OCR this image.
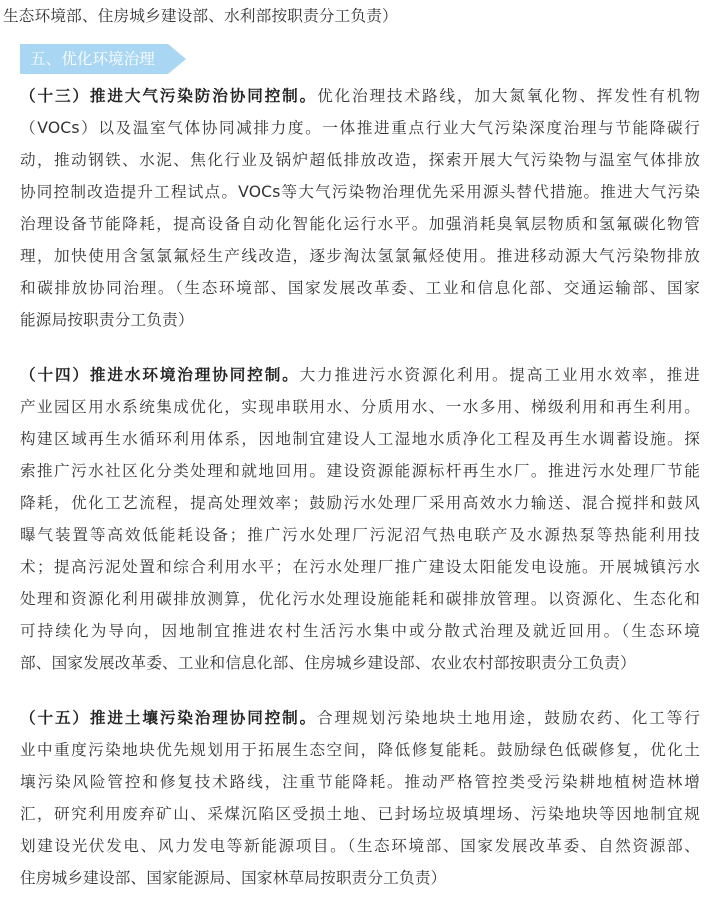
生态环境部、住房城乡建设部、水利部按职责分工负责）

五、优化环境治理

（十三）推进大气污染防治协同控制。优化治理技术路线，加大氮氧化物、挥发性有机物

（VOCs）以及温室气体协同减排力度。一体推进重点行业大气污染深度治理与节能降碳行

动，推动钢铁、水泥、焦化行业及锅炉超低排放改造，探索开展大气污染物与温室气体排放

协同控制改造提升工程试点。VOCs等大气污染物治理优先采用源头替代措施。推进大气污染

治理设备节能降耗，提高设备自动化智能化运行水平。加强消耗臭氧层物质和氢氟碳化物管

理，加快使用含氢氯氟烃生产线改造，逐步淘汰氢氯氟烃使用。推进移动源大气污染物排放

和碳排放协同治理。（生态环境部、国家发展改革委、工业和信息化部、交通运输部、国家

能源局按职责分工负责）

（十四）推进水环境治理协同控制。大力推进污水资源化利用。提高工业用水效率，推进

产业园区用水系统集成优化，实现串联用水、分质用水、一水多用、梯级利用和再生利用。

构建区域再生水循环利用体系，因地制宜建设人工湿地水质净化工程及再生水调蓄设施。探

索推广污水社区化分类处理和就地回用。建设资源能源标杆再生水厂。推进污水处理厂节能

降耗，优化工艺流程，提高处理效率；鼓励污水处理厂采用高效水力输送、混合搅拌和鼓风

曝气装置等高效低能耗设备；推广污水处理厂污泥沼气热电联产及水源热泵等热能利用技

术；提高污泥处置和综合利用水平；在污水处理厂推广建设太阳能发电设施。开展城镇污水

处理和资源化利用碳排放测算，优化污水处理设施能耗和碳排放管理。以资源化、生态化和

可持续化为导向，因地制宜推进农村生活污水集中或分散式治理及就近回用。（生态环境

部、国家发展改革委、工业和信息化部、住房城乡建设部、农业农村部按职责分工负责）

（十五）推进土壤污染治理协同控制。合理规划污染地块土地用途，鼓励农药、化工等行

业中重度污染地块优先规划用于拓展生态空间，降低修复能耗。鼓励绿色低碳修复，优化土

壤污染风险管控和修复技术路线，注重节能降耗。推动严格管控类受污染耕地植树造林增

汇，研究利用废弃矿山、采煤沉陷区受损土地、已封场垃圾填埋场、污染地块等因地制宜规

划建设光伏发电、风力发电等新能源项目。（生态环境部、国家发展改革委、自然资源部、

住房城乡建设部、国家能源局、国家林草局按职责分工负责）
